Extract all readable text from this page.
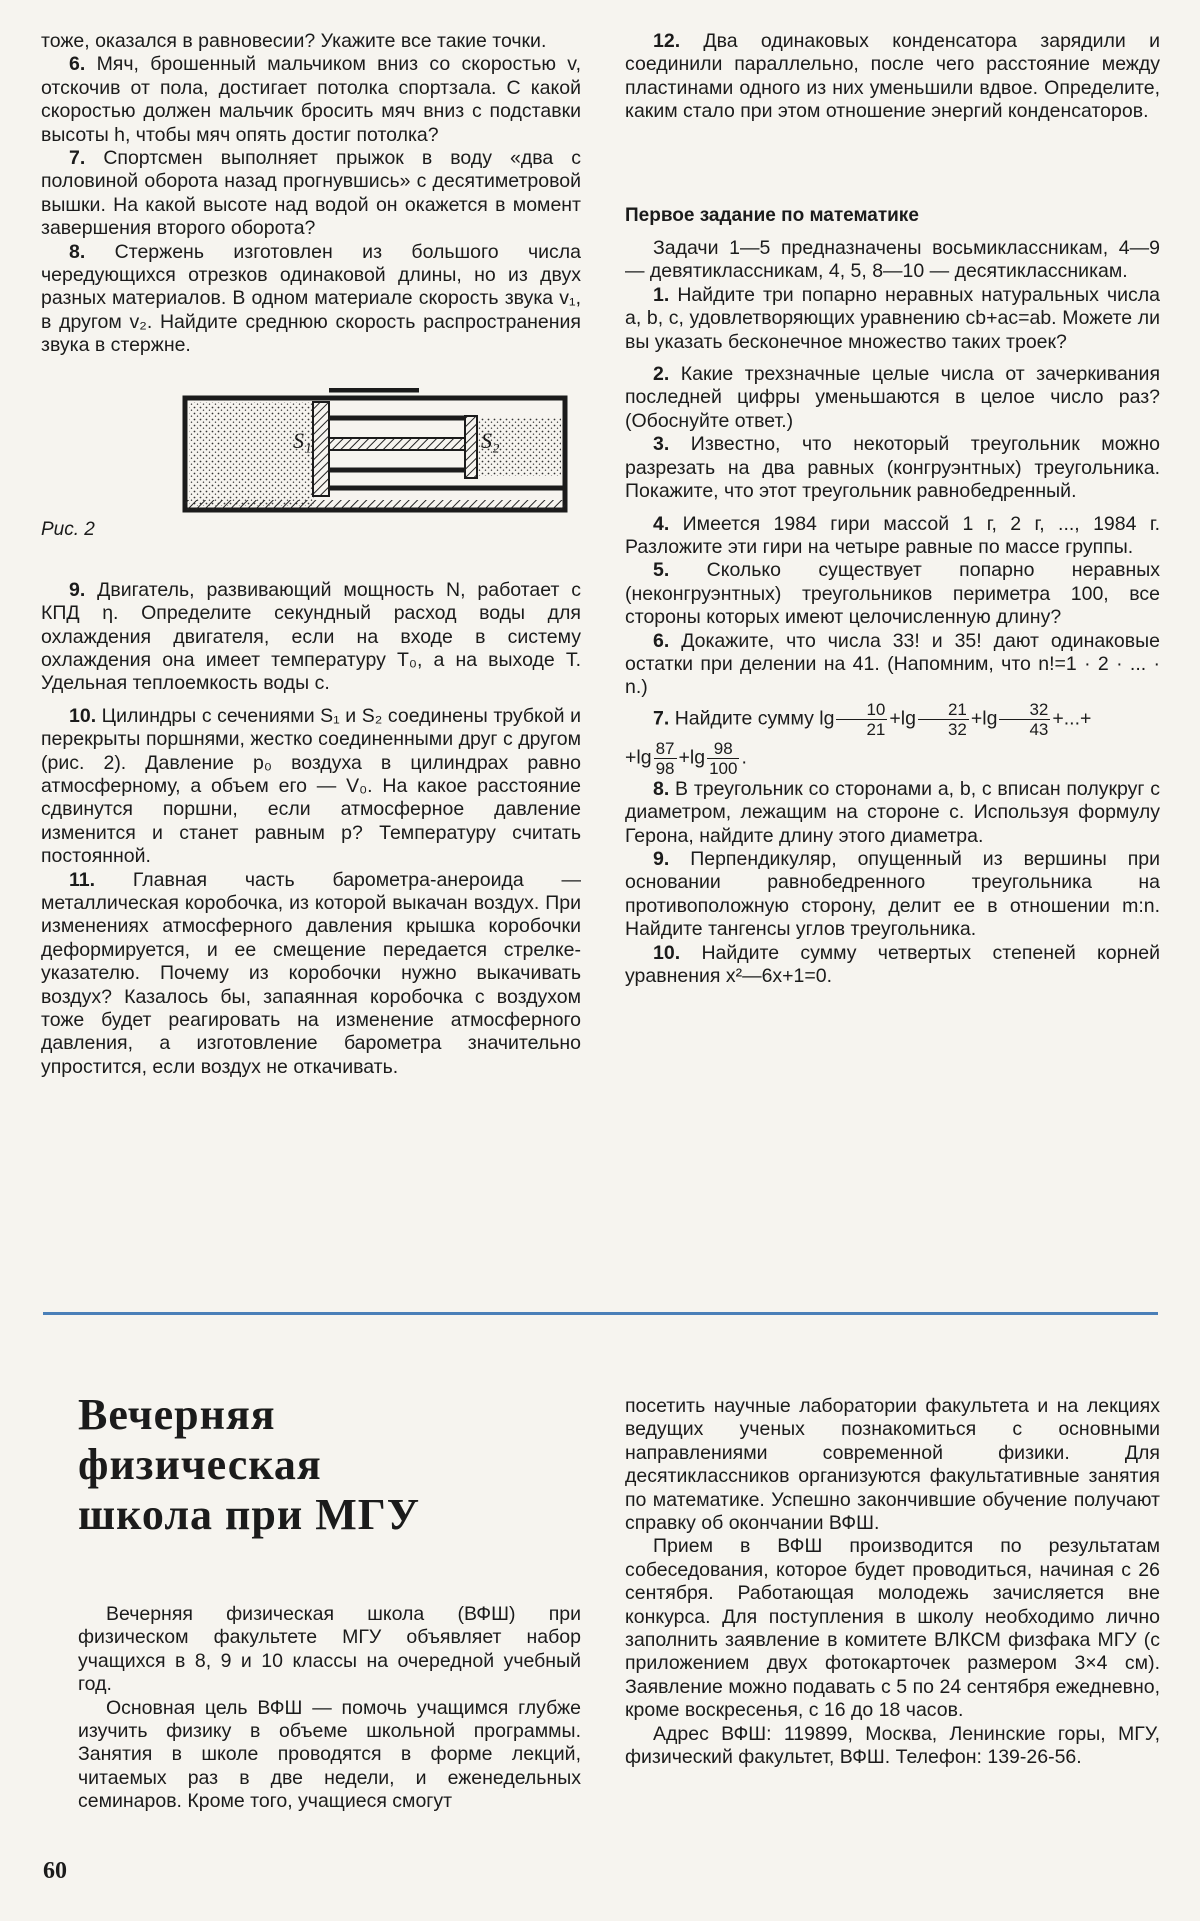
тоже, оказался в равновесии? Укажите все такие точки.

6. Мяч, брошенный мальчиком вниз со скоростью v, отскочив от пола, достигает потолка спортзала. С какой скоростью должен мальчик бросить мяч вниз с подставки высоты h, чтобы мяч опять достиг потолка?

7. Спортсмен выполняет прыжок в воду «два с половиной оборота назад прогнувшись» с десятиметровой вышки. На какой высоте над водой он окажется в момент завершения второго оборота?

8. Стержень изготовлен из большого числа чередующихся отрезков одинаковой длины, но из двух разных материалов. В одном материале скорость звука v₁, в другом v₂. Найдите среднюю скорость распространения звука в стержне.

S₁	S₂
Рис. 2

9. Двигатель, развивающий мощность N, работает с КПД η. Определите секундный расход воды для охлаждения двигателя, если на входе в систему охлаждения она имеет температуру T₀, а на выходе T. Удельная теплоемкость воды c.

10. Цилиндры с сечениями S₁ и S₂ соединены трубкой и перекрыты поршнями, жестко соединенными друг с другом (рис. 2). Давление p₀ воздуха в цилиндрах равно атмосферному, а объем его — V₀. На какое расстояние сдвинутся поршни, если атмосферное давление изменится и станет равным p? Температуру считать постоянной.

11. Главная часть барометра-анероида — металлическая коробочка, из которой выкачан воздух. При изменениях атмосферного давления крышка коробочки деформируется, и ее смещение передается стрелке-указателю. Почему из коробочки нужно выкачивать воздух? Казалось бы, запаянная коробочка с воздухом тоже будет реагировать на изменение атмосферного давления, а изготовление барометра значительно упростится, если воздух не откачивать.

12. Два одинаковых конденсатора зарядили и соединили параллельно, после чего расстояние между пластинами одного из них уменьшили вдвое. Определите, каким стало при этом отношение энергий конденсаторов.

Первое задание по математике

Задачи 1—5 предназначены восьмиклассникам, 4—9 — девятиклассникам, 4, 5, 8—10 — десятиклассникам.

1. Найдите три попарно неравных натуральных числа a, b, c, удовлетворяющих уравнению cb+ac=ab. Можете ли вы указать бесконечное множество таких троек?

2. Какие трехзначные целые числа от зачеркивания последней цифры уменьшаются в целое число раз? (Обоснуйте ответ.)

3. Известно, что некоторый треугольник можно разрезать на два равных (конгруэнтных) треугольника. Покажите, что этот треугольник равнобедренный.

4. Имеется 1984 гири массой 1 г, 2 г, ..., 1984 г. Разложите эти гири на четыре равные по массе группы.

5. Сколько существует попарно неравных (неконгруэнтных) треугольников периметра 100, все стороны которых имеют целочисленную длину?

6. Докажите, что числа 33! и 35! дают одинаковые остатки при делении на 41. (Напомним, что n!=1 · 2 · ... · n.)

7. Найдите сумму $\lg \frac{10}{21} +\lg \frac{21}{32} +\lg \frac{32}{43}$ +...+

$+\lg \frac{87}{98} +\lg \frac{98}{100}$ .

8. В треугольник со сторонами a, b, c вписан полукруг с диаметром, лежащим на стороне c. Используя формулу Герона, найдите длину этого диаметра.

9. Перпендикуляр, опущенный из вершины при основании равнобедренного треугольника на противоположную сторону, делит ее в отношении m:n. Найдите тангенсы углов треугольника.

10. Найдите сумму четвертых степеней корней уравнения x²—6x+1=0.

Вечерняя
физическая
школа при МГУ

Вечерняя физическая школа (ВФШ) при физическом факультете МГУ объявляет набор учащихся в 8, 9 и 10 классы на очередной учебный год.

Основная цель ВФШ — помочь учащимся глубже изучить физику в объеме школьной программы. Занятия в школе проводятся в форме лекций, читаемых раз в две недели, и еженедельных семинаров. Кроме того, учащиеся смогут

посетить научные лаборатории факультета и на лекциях ведущих ученых познакомиться с основными направлениями современной физики. Для десятиклассников организуются факультативные занятия по математике. Успешно закончившие обучение получают справку об окончании ВФШ.

Прием в ВФШ производится по результатам собеседования, которое будет проводиться, начиная с 26 сентября. Работающая молодежь зачисляется вне конкурса. Для поступления в школу необходимо лично заполнить заявление в комитете ВЛКСМ физфака МГУ (с приложением двух фотокарточек размером 3×4 см). Заявление можно подавать с 5 по 24 сентября ежедневно, кроме воскресенья, с 16 до 18 часов.

Адрес ВФШ: 119899, Москва, Ленинские горы, МГУ, физический факультет, ВФШ. Телефон: 139-26-56.

60
